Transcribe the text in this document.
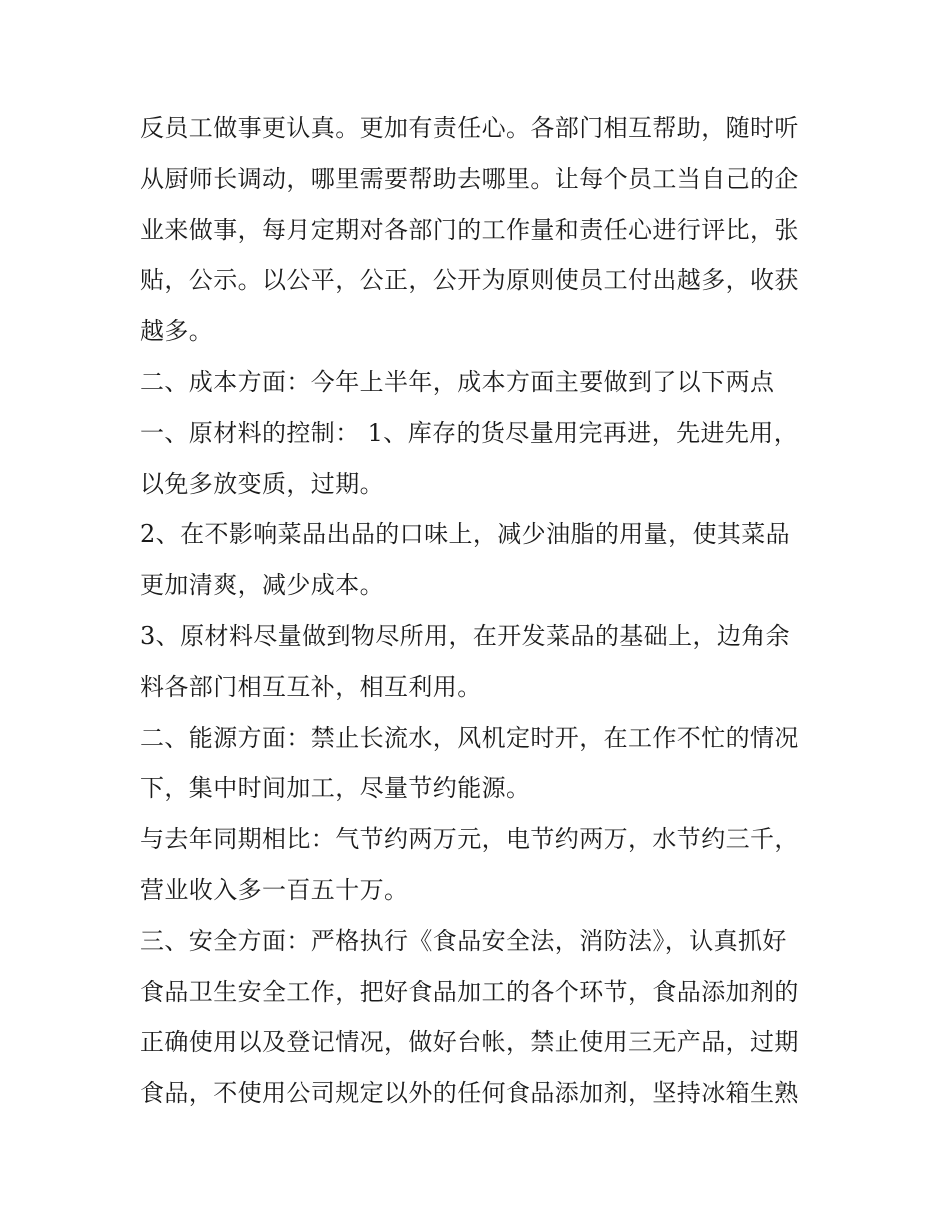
反员工做事更认真。更加有责任心。各部门相互帮助，随时听
从厨师长调动，哪里需要帮助去哪里。让每个员工当自己的企
业来做事，每月定期对各部门的工作量和责任心进行评比，张
贴，公示。以公平，公正，公开为原则使员工付出越多，收获
越多。
二、成本方面：今年上半年，成本方面主要做到了以下两点
一、原材料的控制： 1、库存的货尽量用完再进，先进先用，
以免多放变质，过期。
2、在不影响菜品出品的口味上，减少油脂的用量，使其菜品
更加清爽，减少成本。
3、原材料尽量做到物尽所用，在开发菜品的基础上，边角余
料各部门相互互补，相互利用。
二、能源方面：禁止长流水，风机定时开，在工作不忙的情况
下，集中时间加工，尽量节约能源。
与去年同期相比：气节约两万元，电节约两万，水节约三千，
营业收入多一百五十万。
三、安全方面：严格执行《食品安全法，消防法》，认真抓好
食品卫生安全工作，把好食品加工的各个环节，食品添加剂的
正确使用以及登记情况，做好台帐，禁止使用三无产品，过期
食品，不使用公司规定以外的任何食品添加剂，坚持冰箱生熟
